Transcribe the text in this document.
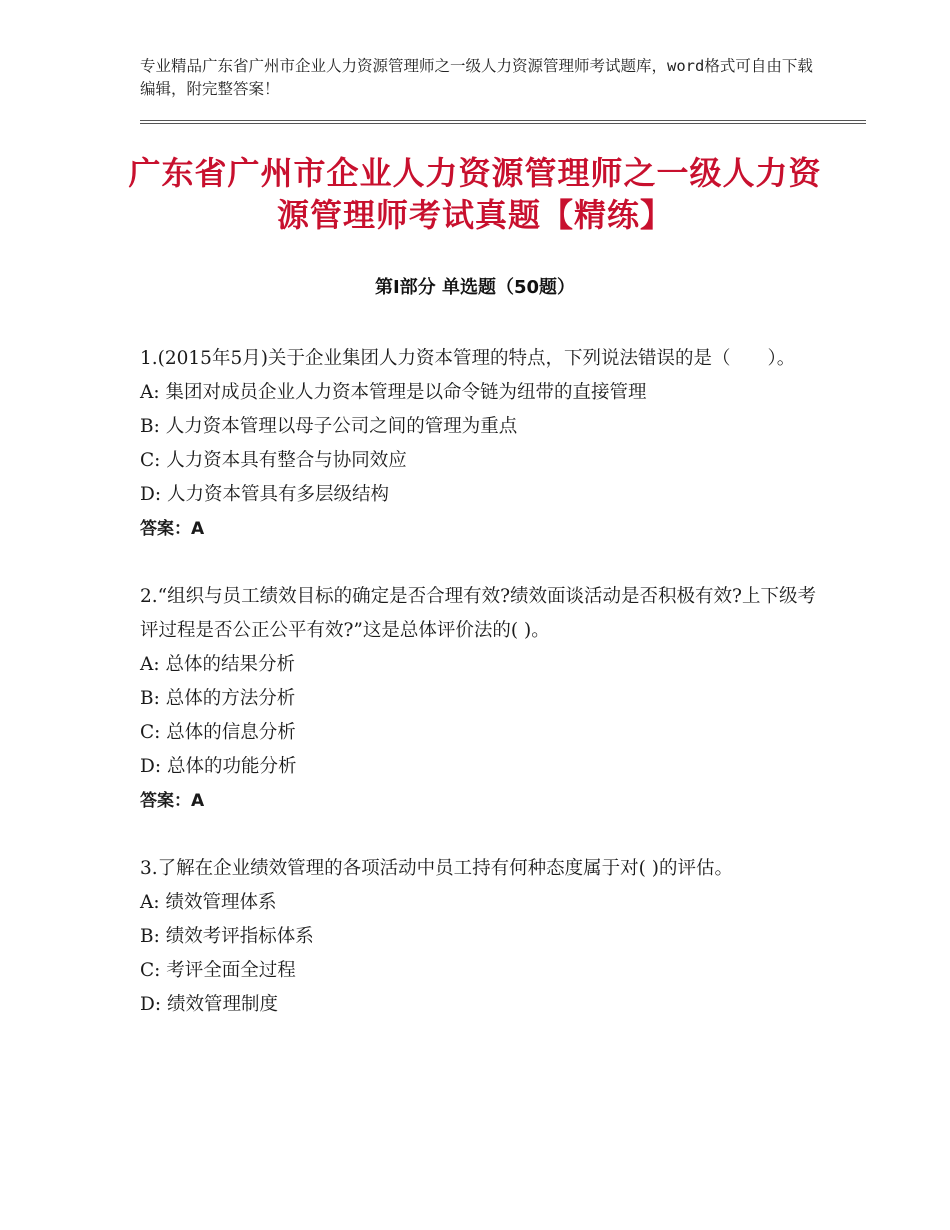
专业精品广东省广州市企业人力资源管理师之一级人力资源管理师考试题库，word格式可自由下载编辑，附完整答案！
广东省广州市企业人力资源管理师之一级人力资源管理师考试真题【精练】
第Ⅰ部分 单选题（50题）
1.(2015年5月)关于企业集团人力资本管理的特点，下列说法错误的是（　　）。
A: 集团对成员企业人力资本管理是以命令链为纽带的直接管理
B: 人力资本管理以母子公司之间的管理为重点
C: 人力资本具有整合与协同效应
D: 人力资本管具有多层级结构
答案：A
2.“组织与员工绩效目标的确定是否合理有效?绩效面谈活动是否积极有效?上下级考评过程是否公正公平有效?”这是总体评价法的( )。
A: 总体的结果分析
B: 总体的方法分析
C: 总体的信息分析
D: 总体的功能分析
答案：A
3.了解在企业绩效管理的各项活动中员工持有何种态度属于对( )的评估。
A: 绩效管理体系
B: 绩效考评指标体系
C: 考评全面全过程
D: 绩效管理制度
